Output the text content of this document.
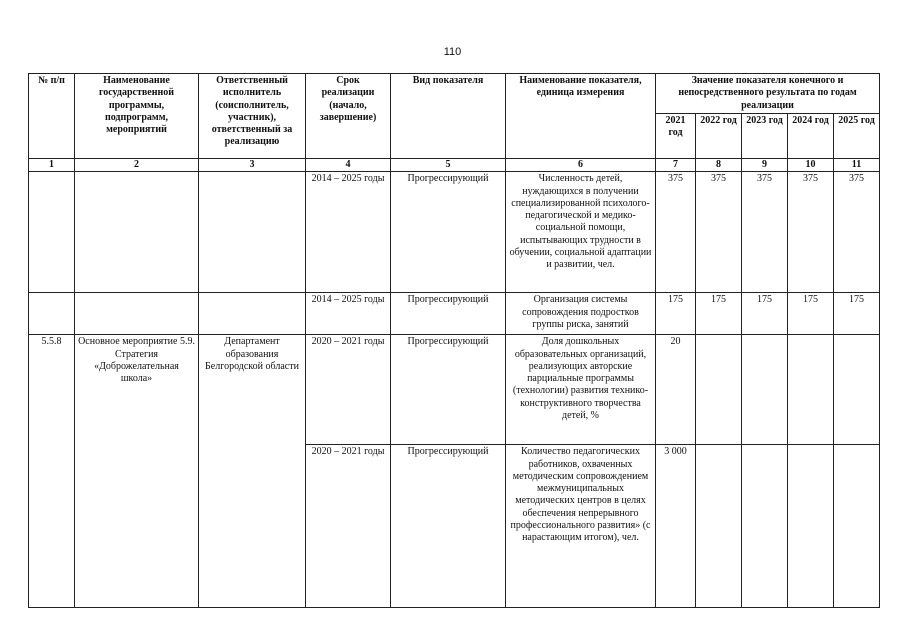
110
№ п/п	Наименование государственной программы, подпрограмм, мероприятий	Ответственный исполнитель (соисполнитель, участник), ответственный за реализацию	Срок реализации (начало, завершение)	Вид показателя	Наименование показателя, единица измерения	Значение показателя конечного и непосредственного результата по годам реализации				
						2021 год	2022 год	2023 год	2024 год	2025 год
1	2	3	4	5	6	7	8	9	10	11
			2014 – 2025 годы	Прогрессирующий	Численность детей, нуждающихся в получении специализированной психолого-педагогической и медико-социальной помощи, испытывающих трудности в обучении, социальной адаптации и развитии, чел.	375	375	375	375	375
			2014 – 2025 годы	Прогрессирующий	Организация системы сопровождения подростков группы риска, занятий	175	175	175	175	175
5.5.8	Основное мероприятие 5.9. Стратегия «Доброжелательная школа»	Департамент образования Белгородской области	2020 – 2021 годы	Прогрессирующий	Доля дошкольных образовательных организаций, реализующих авторские парциальные программы (технологии) развития технико-конструктивного творчества детей, %	20				
			2020 – 2021 годы	Прогрессирующий	Количество педагогических работников, охваченных методическим сопровождением межмуниципальных методических центров в целях обеспечения непрерывного профессионального развития» (с нарастающим итогом), чел.	3 000				
